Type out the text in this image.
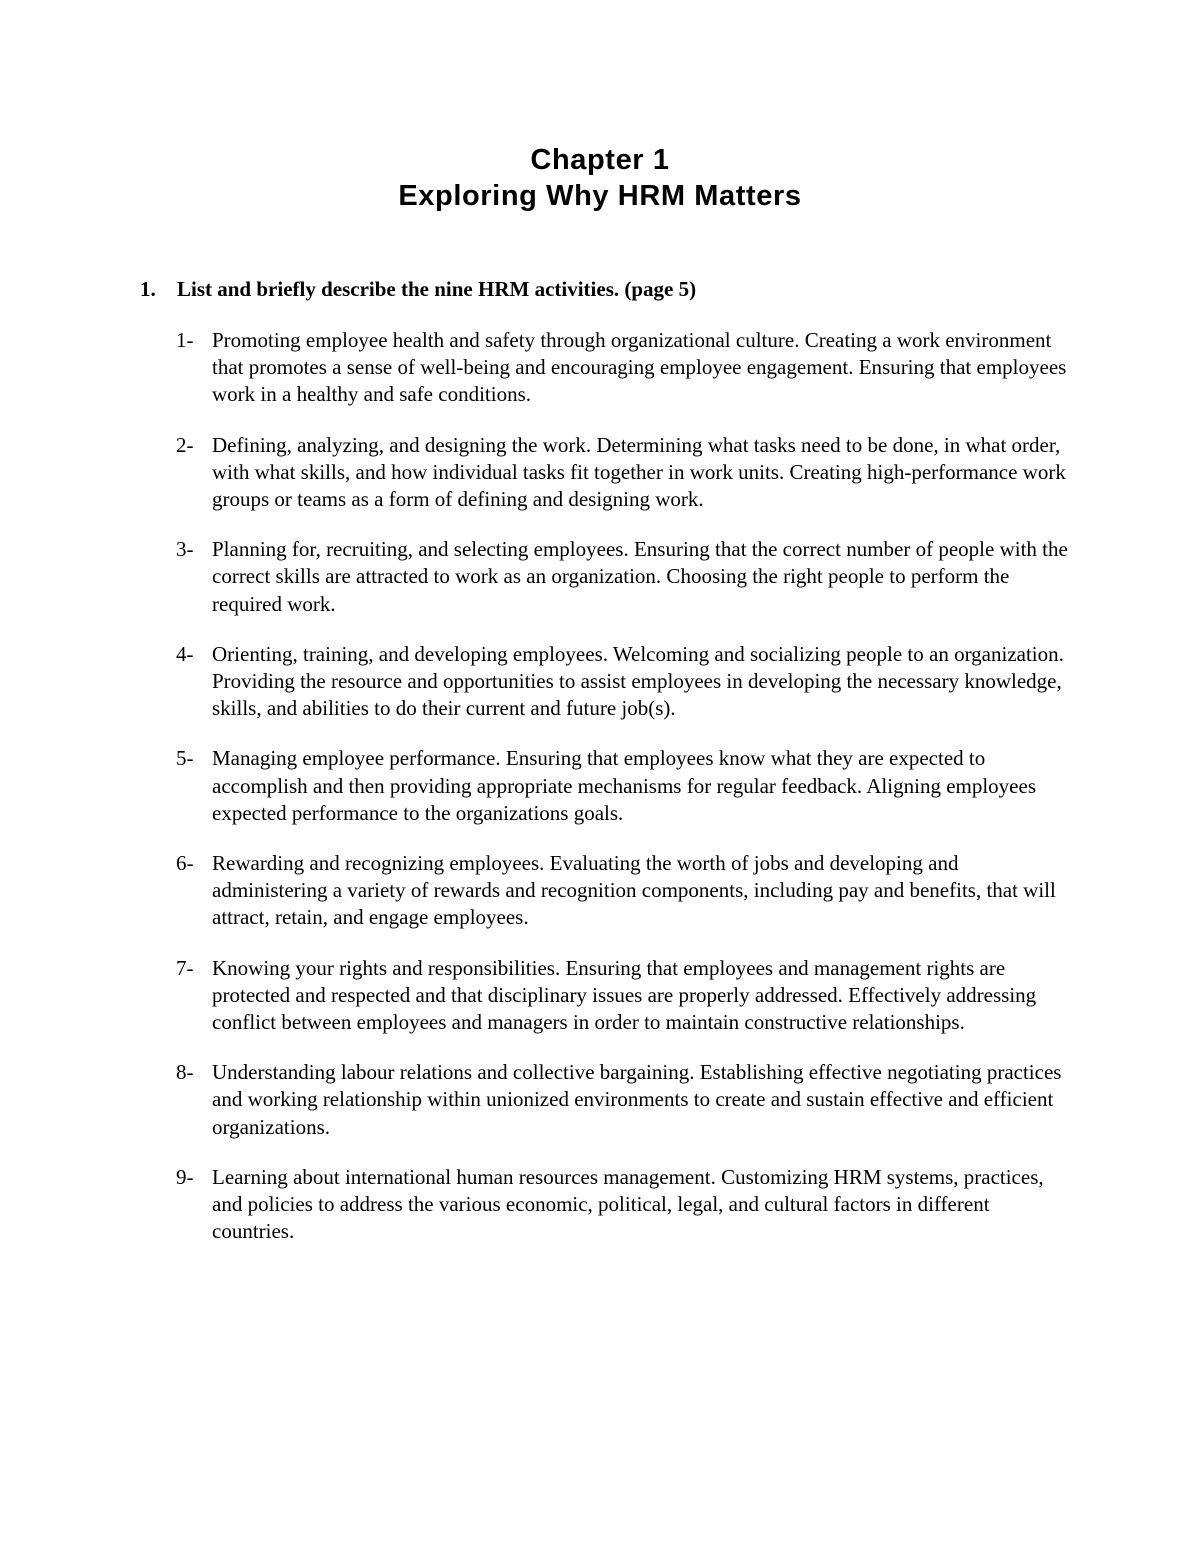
Chapter 1
Exploring Why HRM Matters
1. List and briefly describe the nine HRM activities. (page 5)
1- Promoting employee health and safety through organizational culture. Creating a work environment that promotes a sense of well-being and encouraging employee engagement. Ensuring that employees work in a healthy and safe conditions.
2- Defining, analyzing, and designing the work. Determining what tasks need to be done, in what order, with what skills, and how individual tasks fit together in work units. Creating high-performance work groups or teams as a form of defining and designing work.
3- Planning for, recruiting, and selecting employees. Ensuring that the correct number of people with the correct skills are attracted to work as an organization. Choosing the right people to perform the required work.
4- Orienting, training, and developing employees. Welcoming and socializing people to an organization. Providing the resource and opportunities to assist employees in developing the necessary knowledge, skills, and abilities to do their current and future job(s).
5- Managing employee performance. Ensuring that employees know what they are expected to accomplish and then providing appropriate mechanisms for regular feedback. Aligning employees expected performance to the organizations goals.
6- Rewarding and recognizing employees. Evaluating the worth of jobs and developing and administering a variety of rewards and recognition components, including pay and benefits, that will attract, retain, and engage employees.
7- Knowing your rights and responsibilities. Ensuring that employees and management rights are protected and respected and that disciplinary issues are properly addressed. Effectively addressing conflict between employees and managers in order to maintain constructive relationships.
8- Understanding labour relations and collective bargaining. Establishing effective negotiating practices and working relationship within unionized environments to create and sustain effective and efficient organizations.
9- Learning about international human resources management. Customizing HRM systems, practices, and policies to address the various economic, political, legal, and cultural factors in different countries.
